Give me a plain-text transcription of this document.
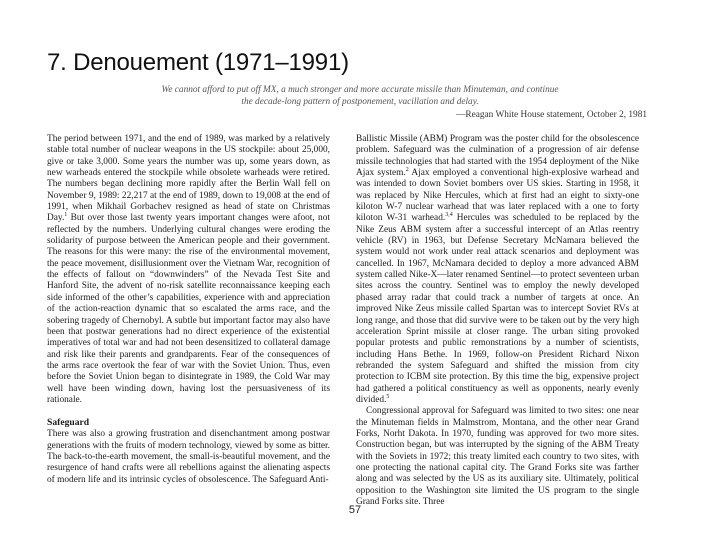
7. Denouement (1971–1991)
We cannot afford to put off MX, a much stronger and more accurate missile than Minuteman, and continue the decade-long pattern of postponement, vacillation and delay.
—Reagan White House statement, October 2, 1981

The period between 1971, and the end of 1989, was marked by a relatively stable total number of nuclear weapons in the US stockpile: about 25,000, give or take 3,000. Some years the number was up, some years down, as new warheads entered the stockpile while obsolete warheads were retired. The numbers began declining more rapidly after the Berlin Wall fell on November 9, 1989: 22,217 at the end of 1989, down to 19,008 at the end of 1991, when Mikhail Gorbachev resigned as head of state on Christmas Day.$^1$ But over those last twenty years important changes were afoot, not reflected by the numbers. Underlying cultural changes were eroding the solidarity of purpose between the American people and their government. The reasons for this were many: the rise of the environmental movement, the peace movement, disillusionment over the Vietnam War, recognition of the effects of fallout on “downwinders” of the Nevada Test Site and Hanford Site, the advent of no-risk satellite reconnaissance keeping each side informed of the other’s capabilities, experience with and appreciation of the action-reaction dynamic that so escalated the arms race, and the sobering tragedy of Chernobyl. A subtle but important factor may also have been that postwar generations had no direct experience of the existential imperatives of total war and had not been desensitized to collateral damage and risk like their parents and grandparents. Fear of the consequences of the arms race overtook the fear of war with the Soviet Union. Thus, even before the Soviet Union began to disintegrate in 1989, the Cold War may well have been winding down, having lost the persuasiveness of its rationale.

Safeguard

There was also a growing frustration and disenchantment among postwar generations with the fruits of modern technology, viewed by some as bitter. The back-to-the-earth movement, the small-is-beautiful movement, and the resurgence of hand crafts were all rebellions against the alienating aspects of modern life and its intrinsic cycles of obsolescence. The Safeguard Anti-

Ballistic Missile (ABM) Program was the poster child for the obsolescence problem. Safeguard was the culmination of a progression of air defense missile technologies that had started with the 1954 deployment of the Nike Ajax system.$^2$ Ajax employed a conventional high-explosive warhead and was intended to down Soviet bombers over US skies. Starting in 1958, it was replaced by Nike Hercules, which at first had an eight to sixty-one kiloton W-7 nuclear warhead that was later replaced with a one to forty kiloton W-31 warhead.$^{3,4}$ Hercules was scheduled to be replaced by the Nike Zeus ABM system after a successful intercept of an Atlas reentry vehicle (RV) in 1963, but Defense Secretary McNamara believed the system would not work under real attack scenarios and deployment was cancelled. In 1967, McNamara decided to deploy a more advanced ABM system called Nike-X—later renamed Sentinel—to protect seventeen urban sites across the country. Sentinel was to employ the newly developed phased array radar that could track a number of targets at once. An improved Nike Zeus missile called Spartan was to intercept Soviet RVs at long range, and those that did survive were to be taken out by the very high acceleration Sprint missile at closer range. The urban siting provoked popular protests and public remonstrations by a number of scientists, including Hans Bethe. In 1969, follow-on President Richard Nixon rebranded the system Safeguard and shifted the mission from city protection to ICBM site protection. By this time the big, expensive project had gathered a political constituency as well as opponents, nearly evenly divided.$^5$

Congressional approval for Safeguard was limited to two sites: one near the Minuteman fields in Malmstrom, Montana, and the other near Grand Forks, Norht Dakota. In 1970, funding was approved for two more sites. Construction began, but was interrupted by the signing of the ABM Treaty with the Soviets in 1972; this treaty limited each country to two sites, with one protecting the national capital city. The Grand Forks site was farther along and was selected by the US as its auxiliary site. Ultimately, political opposition to the Washington site limited the US program to the single Grand Forks site. Three

57
